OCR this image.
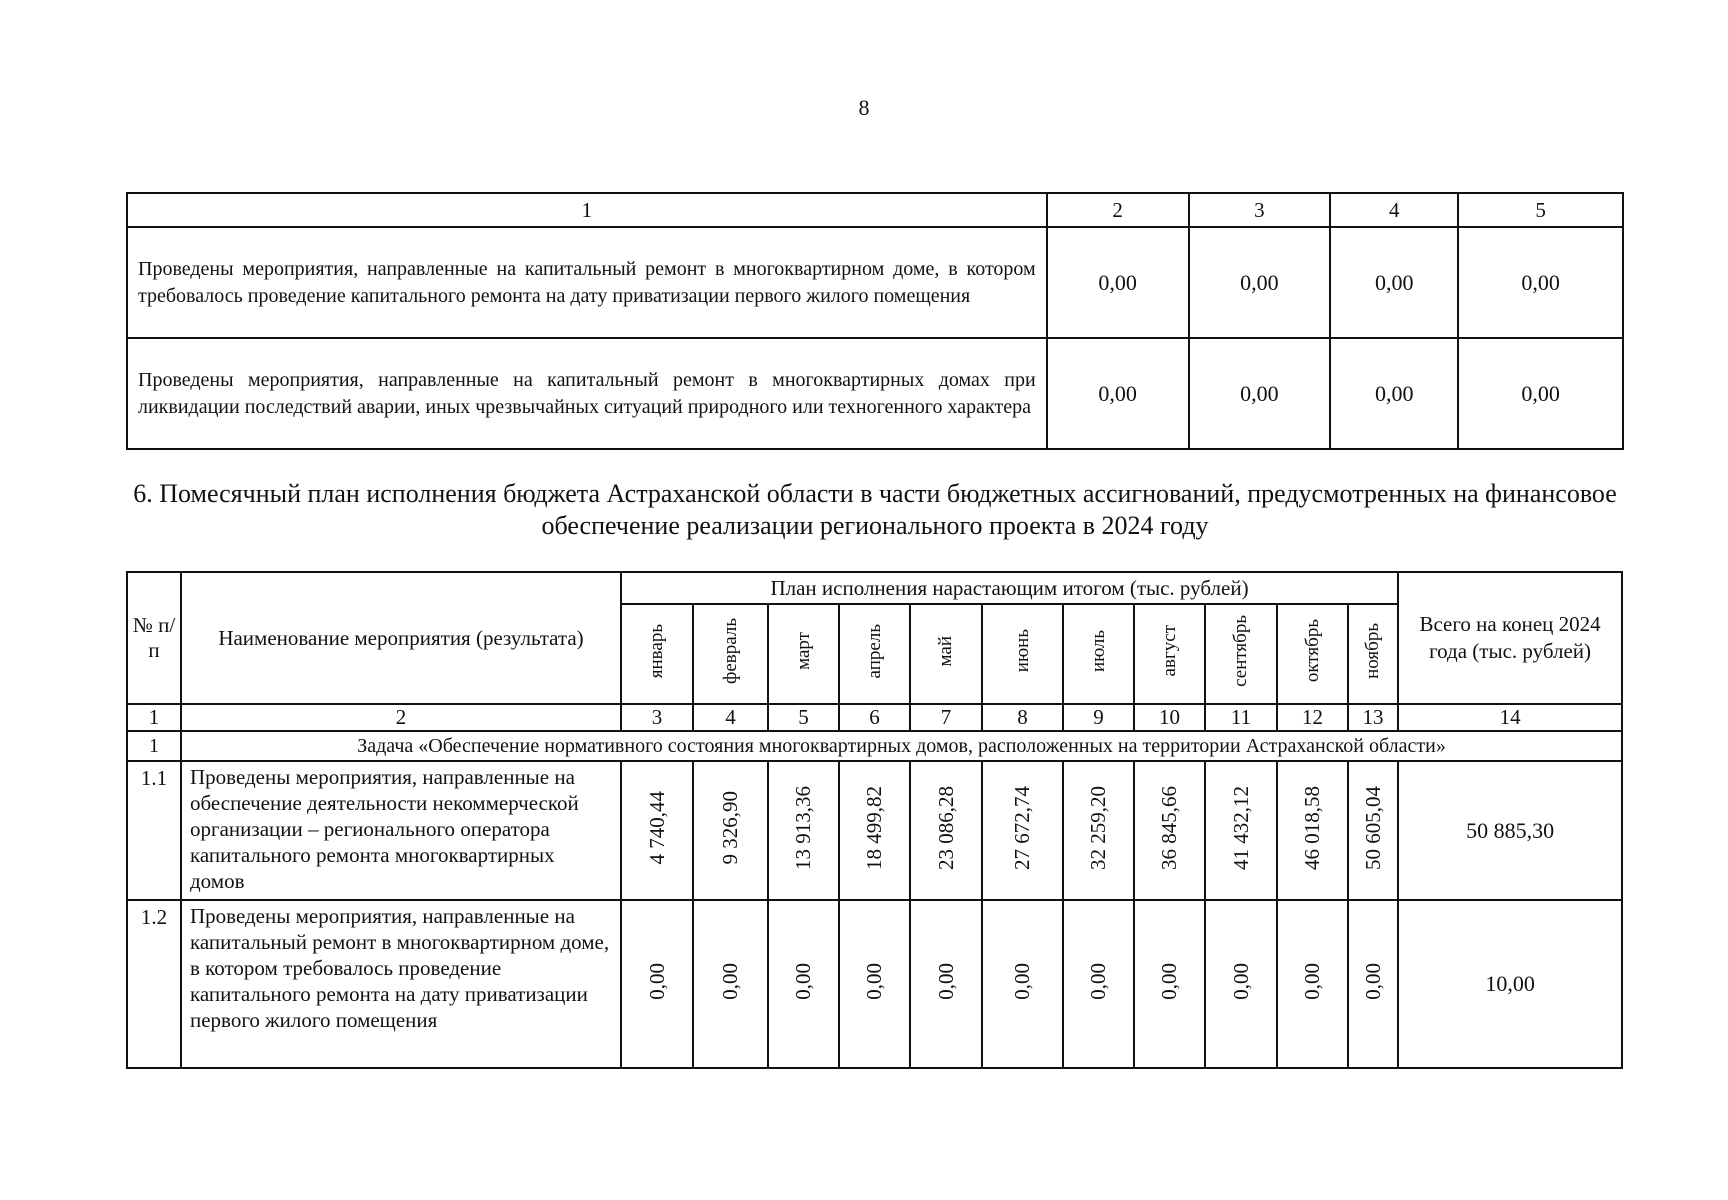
8
1	2	3	4	5
Проведены мероприятия, направленные на капитальный ремонт в многоквартирном доме, в котором требовалось проведение капитального ремонта на дату приватизации первого жилого помещения	0,00	0,00	0,00	0,00
Проведены мероприятия, направленные на капитальный ремонт в многоквартирных домах при ликвидации последствий аварии, иных чрезвычайных ситуаций природного или техногенного характера	0,00	0,00	0,00	0,00
6. Помесячный план исполнения бюджета Астраханской области в части бюджетных ассигнований, предусмотренных на финансовое обеспечение реализации регионального проекта в 2024 году
№ п/п	Наименование мероприятия (результата)	План исполнения нарастающим итогом (тыс. рублей)											Всего на конец 2024 года (тыс. рублей)
		январь	февраль	март	апрель	май	июнь	июль	август	сентябрь	октябрь	ноябрь	
1	2	3	4	5	6	7	8	9	10	11	12	13	14
1	Задача «Обеспечение нормативного состояния многоквартирных домов, расположенных на территории Астраханской области»												
1.1	Проведены мероприятия, направленные на обеспечение деятельности некоммерческой организации – регионального оператора капитального ремонта многоквартирных домов	4 740,44	9 326,90	13 913,36	18 499,82	23 086,28	27 672,74	32 259,20	36 845,66	41 432,12	46 018,58	50 605,04	50 885,30
1.2	Проведены мероприятия, направленные на капитальный ремонт в многоквартирном доме, в котором требовалось проведение капитального ремонта на дату приватизации первого жилого помещения	0,00	0,00	0,00	0,00	0,00	0,00	0,00	0,00	0,00	0,00	0,00	10,00
